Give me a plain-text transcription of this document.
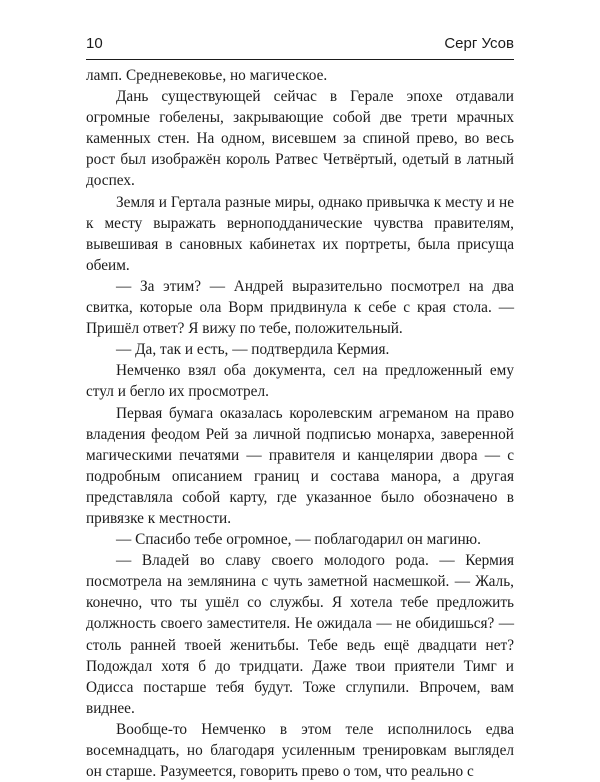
10	Серг Усов

ламп. Средневековье, но магическое.

Дань существующей сейчас в Герале эпохе отдавали огромные гобелены, закрывающие собой две трети мрачных каменных стен. На одном, висевшем за спиной прево, во весь рост был изображён король Ратвес Четвёртый, одетый в латный доспех.

Земля и Гертала разные миры, однако привычка к месту и не к месту выражать верноподданические чувства правителям, вывешивая в сановных кабинетах их портреты, была присуща обеим.

— За этим? — Андрей выразительно посмотрел на два свитка, которые ола Ворм придвинула к себе с края стола. — Пришёл ответ? Я вижу по тебе, положительный.

— Да, так и есть, — подтвердила Кермия.

Немченко взял оба документа, сел на предложенный ему стул и бегло их просмотрел.

Первая бумага оказалась королевским агреманом на право владения феодом Рей за личной подписью монарха, заверенной магическими печатями — правителя и канцелярии двора — с подробным описанием границ и состава манора, а другая представляла собой карту, где указанное было обозначено в привязке к местности.

— Спасибо тебе огромное, — поблагодарил он магиню.

— Владей во славу своего молодого рода. — Кермия посмотрела на землянина с чуть заметной насмешкой. — Жаль, конечно, что ты ушёл со службы. Я хотела тебе предложить должность своего заместителя. Не ожидала — не обидишься? — столь ранней твоей женитьбы. Тебе ведь ещё двадцати нет? Подождал хотя б до тридцати. Даже твои приятели Тимг и Одисса постарше тебя будут. Тоже сглупили. Впрочем, вам виднее.

Вообще-то Немченко в этом теле исполнилось едва восемнадцать, но благодаря усиленным тренировкам выглядел он старше. Разумеется, говорить прево о том, что реально с
